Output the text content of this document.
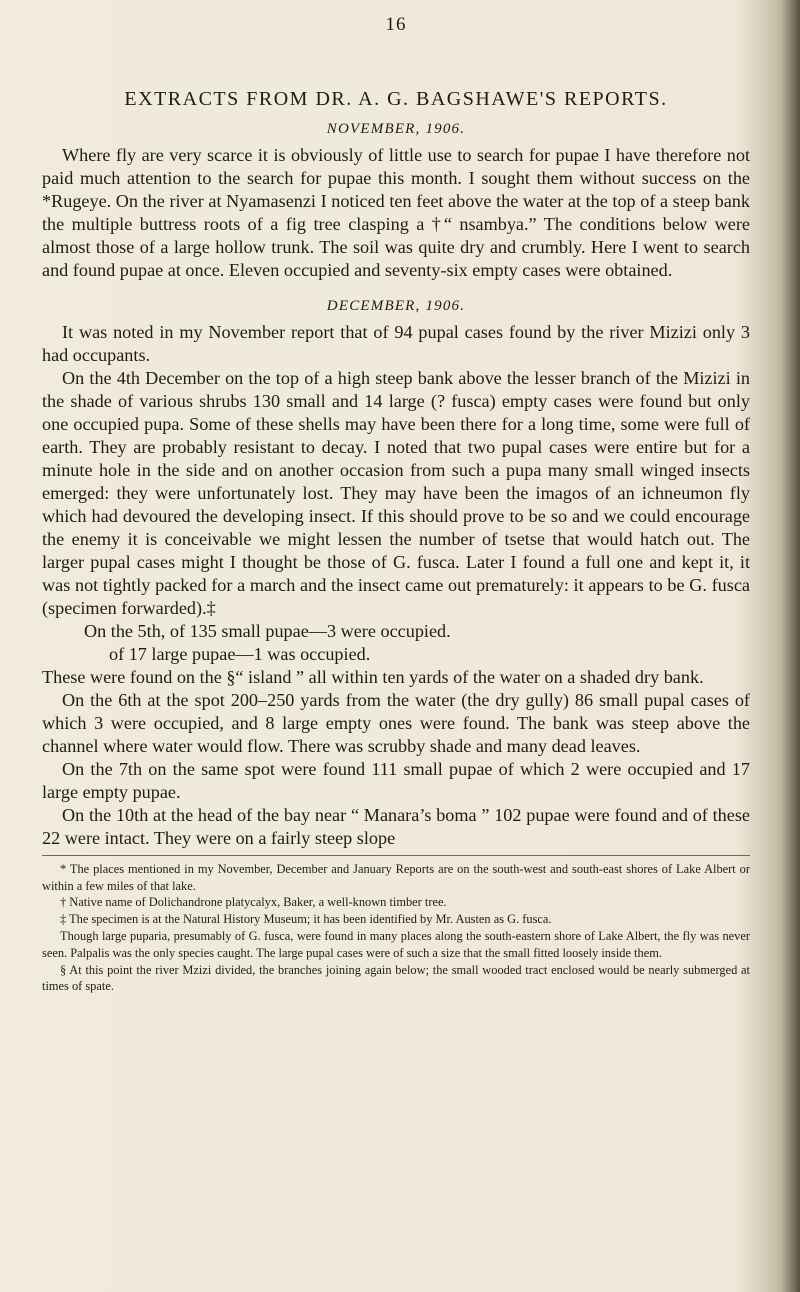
16
EXTRACTS FROM DR. A. G. BAGSHAWE'S REPORTS.
NOVEMBER, 1906.

Where fly are very scarce it is obviously of little use to search for pupae I have therefore not paid much attention to the search for pupae this month. I sought them without success on the *Rugeye. On the river at Nyamasenzi I noticed ten feet above the water at the top of a steep bank the multiple buttress roots of a fig tree clasping a †“ nsambya.” The conditions below were almost those of a large hollow trunk. The soil was quite dry and crumbly. Here I went to search and found pupae at once. Eleven occupied and seventy-six empty cases were obtained.

DECEMBER, 1906.

It was noted in my November report that of 94 pupal cases found by the river Mizizi only 3 had occupants.

On the 4th December on the top of a high steep bank above the lesser branch of the Mizizi in the shade of various shrubs 130 small and 14 large (? fusca) empty cases were found but only one occupied pupa. Some of these shells may have been there for a long time, some were full of earth. They are probably resistant to decay. I noted that two pupal cases were entire but for a minute hole in the side and on another occasion from such a pupa many small winged insects emerged: they were unfortunately lost. They may have been the imagos of an ichneumon fly which had devoured the developing insect. If this should prove to be so and we could encourage the enemy it is conceivable we might lessen the number of tsetse that would hatch out. The larger pupal cases might I thought be those of G. fusca. Later I found a full one and kept it, it was not tightly packed for a march and the insect came out prematurely: it appears to be G. fusca (specimen forwarded).‡

On the 5th, of 135 small pupae—3 were occupied.

of 17 large pupae—1 was occupied.

These were found on the §“ island ” all within ten yards of the water on a shaded dry bank.

On the 6th at the spot 200–250 yards from the water (the dry gully) 86 small pupal cases of which 3 were occupied, and 8 large empty ones were found. The bank was steep above the channel where water would flow. There was scrubby shade and many dead leaves.

On the 7th on the same spot were found 111 small pupae of which 2 were occupied and 17 large empty pupae.

On the 10th at the head of the bay near “ Manara’s boma ” 102 pupae were found and of these 22 were intact. They were on a fairly steep slope

* The places mentioned in my November, December and January Reports are on the south-west and south-east shores of Lake Albert or within a few miles of that lake.

† Native name of Dolichandrone platycalyx, Baker, a well-known timber tree.

‡ The specimen is at the Natural History Museum; it has been identified by Mr. Austen as G. fusca.

Though large puparia, presumably of G. fusca, were found in many places along the south-eastern shore of Lake Albert, the fly was never seen. Palpalis was the only species caught. The large pupal cases were of such a size that the small fitted loosely inside them.

§ At this point the river Mzizi divided, the branches joining again below; the small wooded tract enclosed would be nearly submerged at times of spate.
